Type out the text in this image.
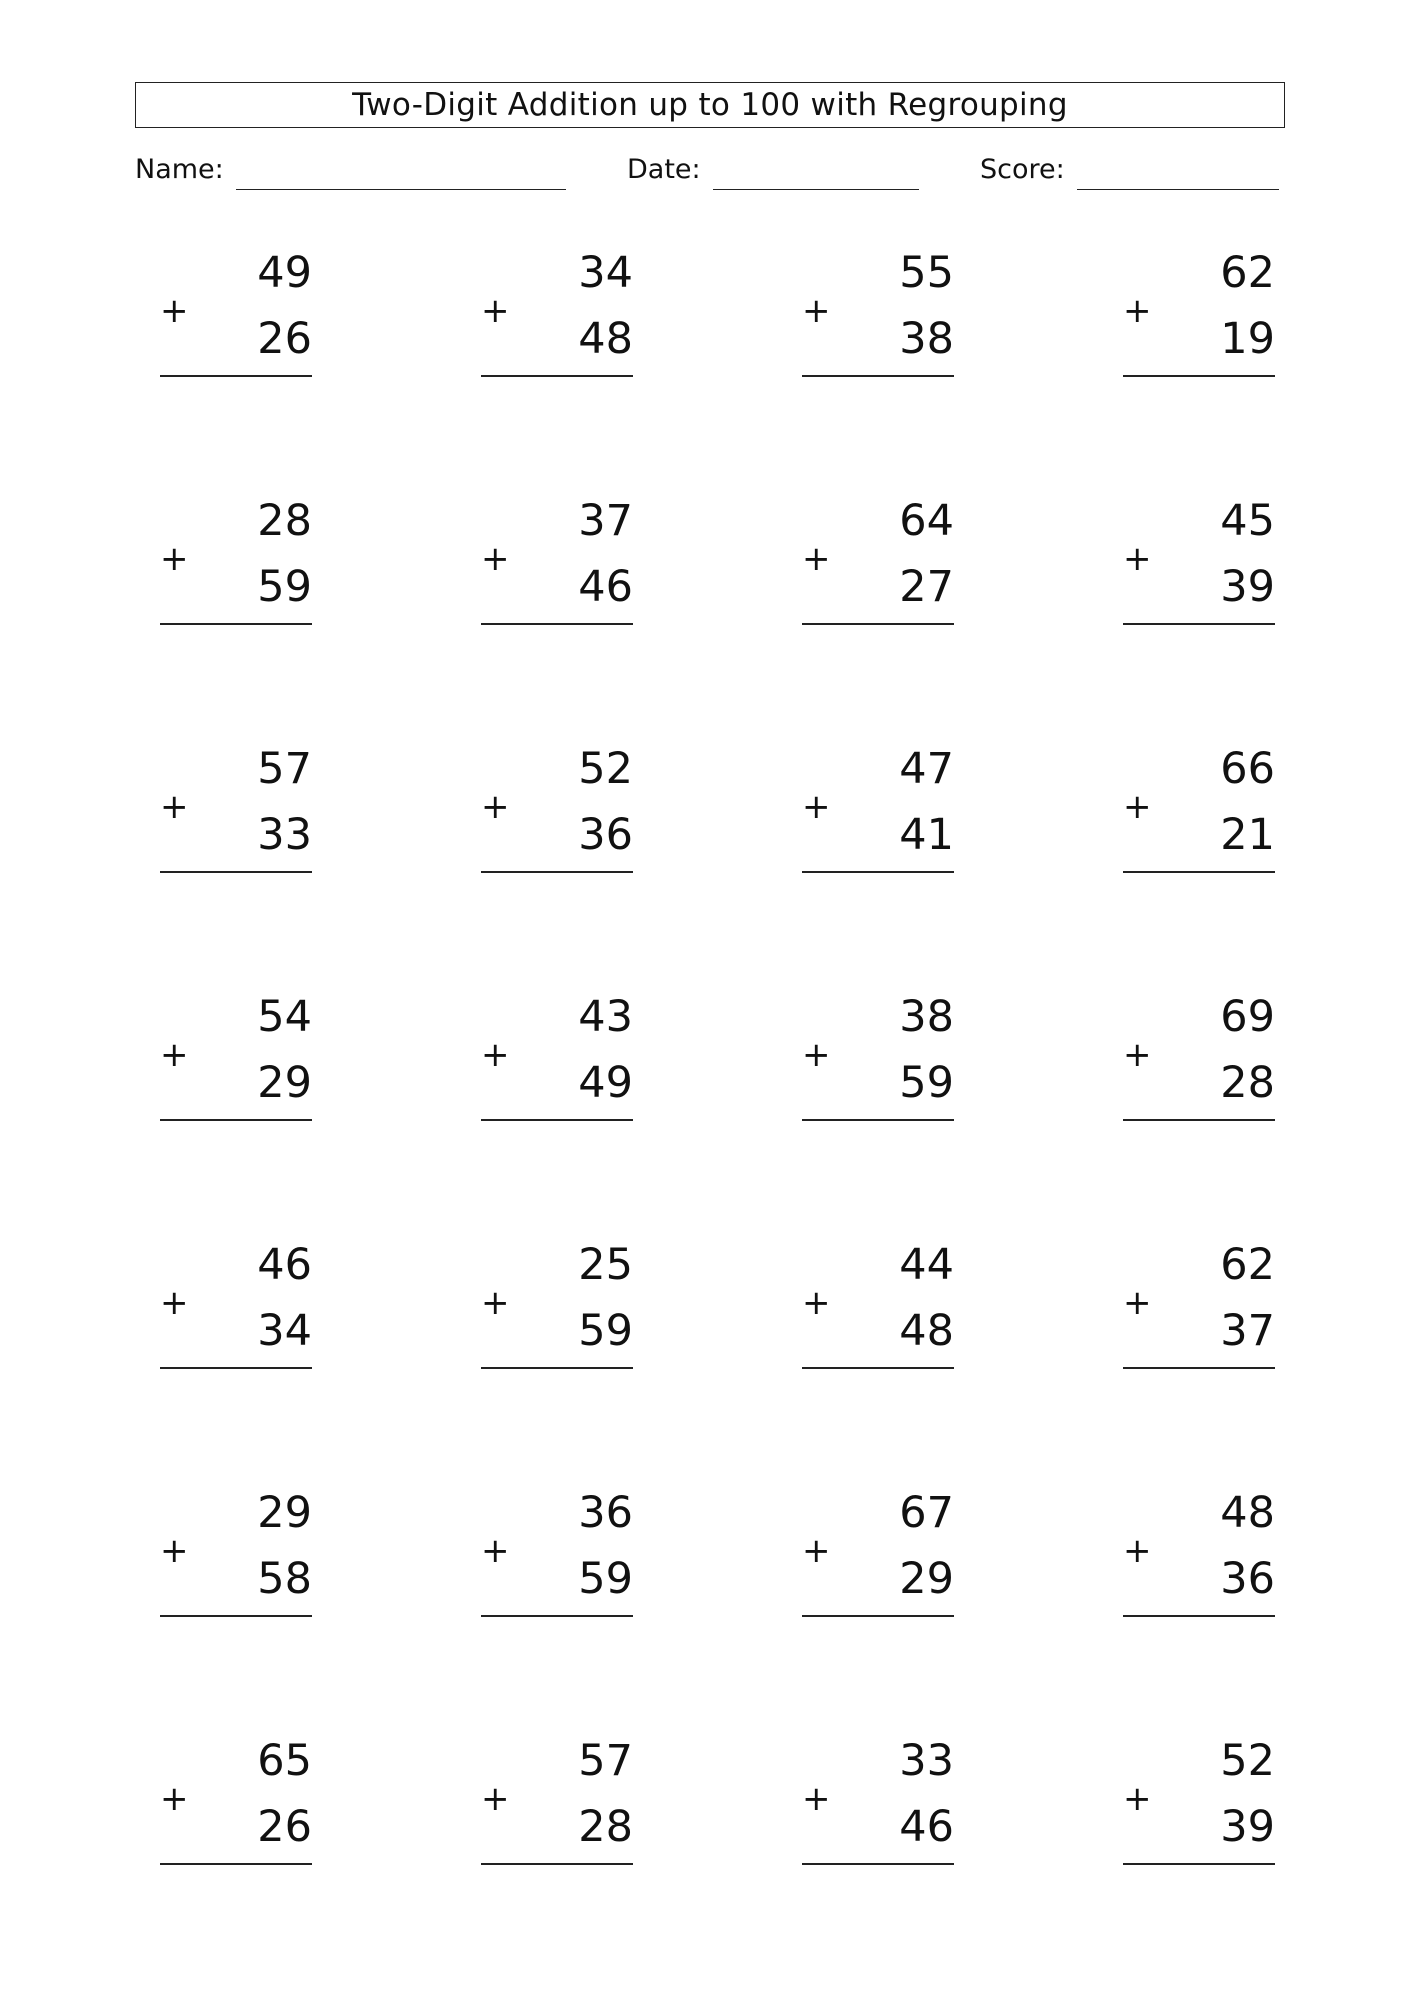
Two-Digit Addition up to 100 with Regrouping
Name:	Date:	Score:
49
+
26
34
+
48
55
+
38
62
+
19
28
+
59
37
+
46
64
+
27
45
+
39
57
+
33
52
+
36
47
+
41
66
+
21
54
+
29
43
+
49
38
+
59
69
+
28
46
+
34
25
+
59
44
+
48
62
+
37
29
+
58
36
+
59
67
+
29
48
+
36
65
+
26
57
+
28
33
+
46
52
+
39
